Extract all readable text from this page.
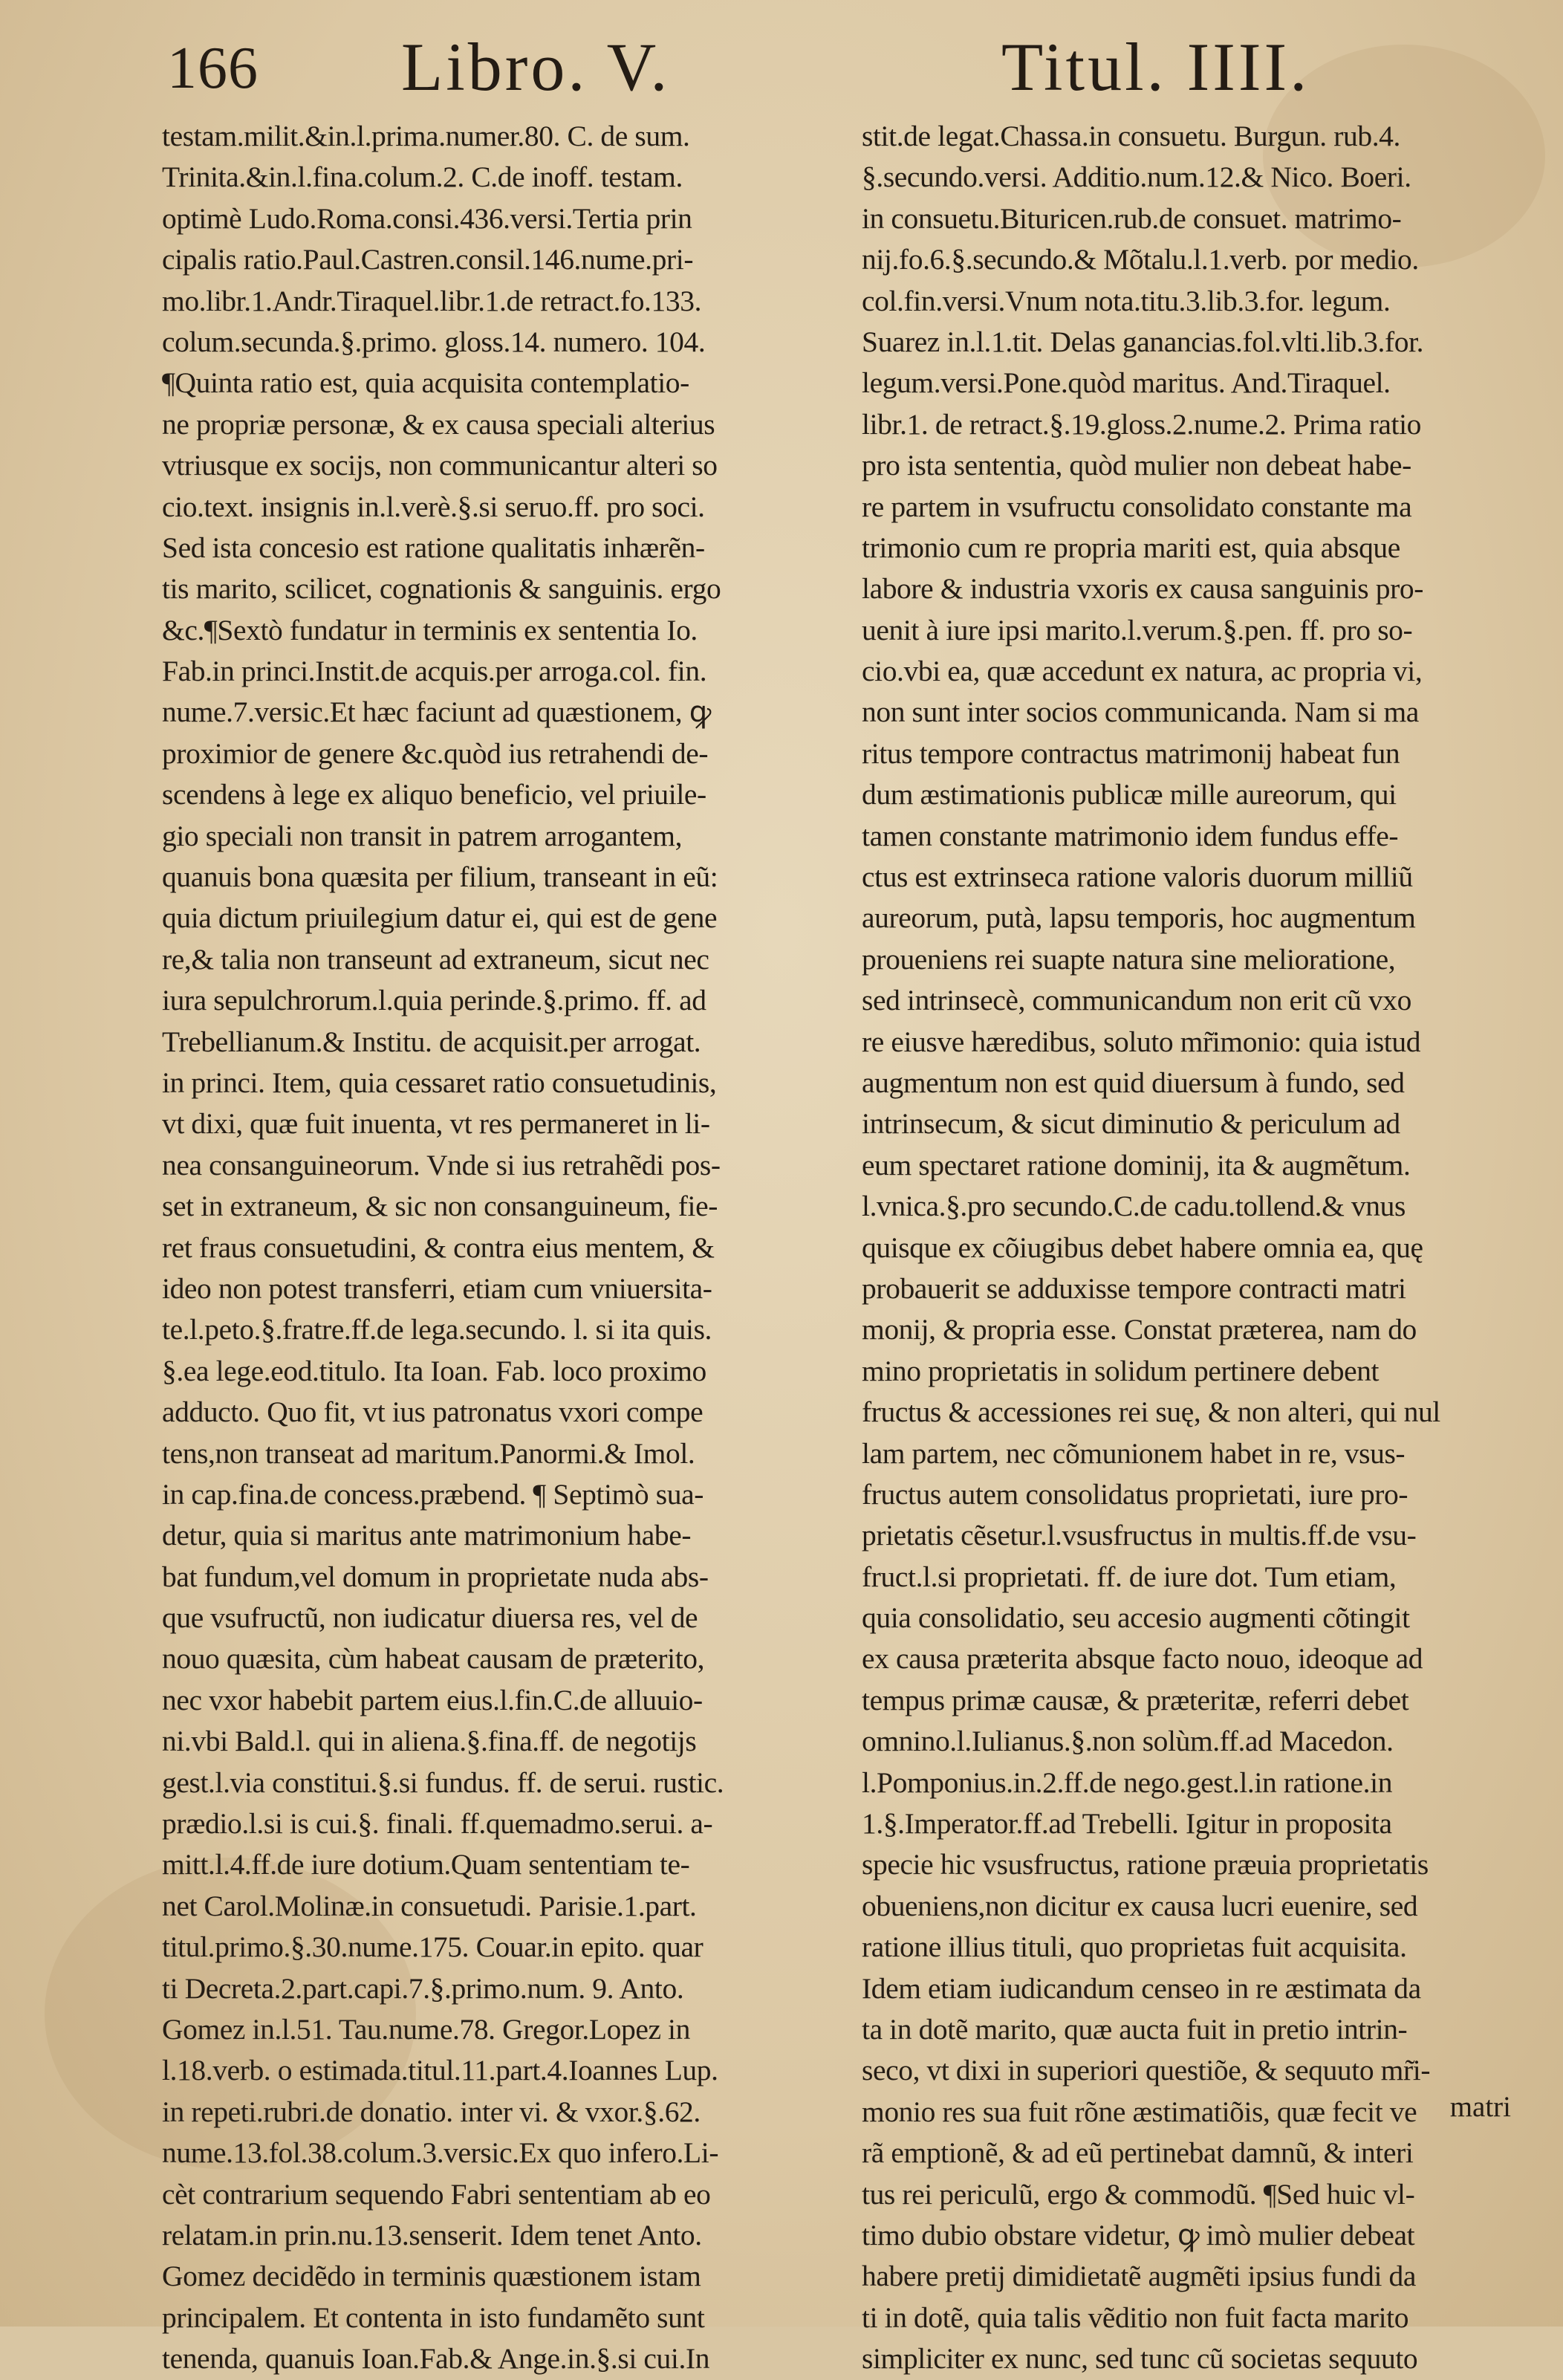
166 Libro. V.	Titul. IIII.
testam.milit.&in.l.prima.numer.80. C. de sum.
Trinita.&in.l.fina.colum.2. C.de inoff. testam.
optimè Ludo.Roma.consi.436.versi.Tertia prin
cipalis ratio.Paul.Castren.consil.146.nume.pri-
mo.libr.1.Andr.Tiraquel.libr.1.de retract.fo.133.
colum.secunda.§.primo. gloss.14. numero. 104.
¶Quinta ratio est, quia acquisita contemplatio-
ne propriæ personæ, & ex causa speciali alterius
vtriusque ex socijs, non communicantur alteri so
cio.text. insignis in.l.verè.§.si seruo.ff. pro soci.
Sed ista concesio est ratione qualitatis inhærẽn-
tis marito, scilicet, cognationis & sanguinis. ergo
&c.¶Sextò fundatur in terminis ex sententia Io.
Fab.in princi.Instit.de acquis.per arroga.col. fin.
nume.7.versic.Et hæc faciunt ad quæstionem, ꝙ
proximior de genere &c.quòd ius retrahendi de-
scendens à lege ex aliquo beneficio, vel priuile-
gio speciali non transit in patrem arrogantem,
quanuis bona quæsita per filium, transeant in eũ:
quia dictum priuilegium datur ei, qui est de gene
re,& talia non transeunt ad extraneum, sicut nec
iura sepulchrorum.l.quia perinde.§.primo. ff. ad
Trebellianum.& Institu. de acquisit.per arrogat.
in princi. Item, quia cessaret ratio consuetudinis,
vt dixi, quæ fuit inuenta, vt res permaneret in li-
nea consanguineorum. Vnde si ius retrahẽdi pos-
set in extraneum, & sic non consanguineum, fie-
ret fraus consuetudini, & contra eius mentem, &
ideo non potest transferri, etiam cum vniuersita-
te.l.peto.§.fratre.ff.de lega.secundo. l. si ita quis.
§.ea lege.eod.titulo. Ita Ioan. Fab. loco proximo
adducto. Quo fit, vt ius patronatus vxori compe
tens,non transeat ad maritum.Panormi.& Imol.
in cap.fina.de concess.præbend. ¶ Septimò sua-
detur, quia si maritus ante matrimonium habe-
bat fundum,vel domum in proprietate nuda abs-
que vsufructũ, non iudicatur diuersa res, vel de
nouo quæsita, cùm habeat causam de præterito,
nec vxor habebit partem eius.l.fin.C.de alluuio-
ni.vbi Bald.l. qui in aliena.§.fina.ff. de negotijs
gest.l.via constitui.§.si fundus. ff. de serui. rustic.
prædio.l.si is cui.§. finali. ff.quemadmo.serui. a-
mitt.l.4.ff.de iure dotium.Quam sententiam te-
net Carol.Molinæ.in consuetudi. Parisie.1.part.
titul.primo.§.30.nume.175. Couar.in epito. quar
ti Decreta.2.part.capi.7.§.primo.num. 9. Anto.
Gomez in.l.51. Tau.nume.78. Gregor.Lopez in
l.18.verb. o estimada.titul.11.part.4.Ioannes Lup.
in repeti.rubri.de donatio. inter vi. & vxor.§.62.
nume.13.fol.38.colum.3.versic.Ex quo infero.Li-
cèt contrarium sequendo Fabri sententiam ab eo
relatam.in prin.nu.13.senserit. Idem tenet Anto.
Gomez decidẽdo in terminis quæstionem istam
principalem. Et contenta in isto fundamẽto sunt
tenenda, quanuis Ioan.Fab.& Ange.in.§.si cui.In
stit.de legat.Chassa.in consuetu. Burgun. rub.4.
§.secundo.versi. Additio.num.12.& Nico. Boeri.
in consuetu.Bituricen.rub.de consuet. matrimo-
nij.fo.6.§.secundo.& Mõtalu.l.1.verb. por medio.
col.fin.versi.Vnum nota.titu.3.lib.3.for. legum.
Suarez in.l.1.tit. Delas ganancias.fol.vlti.lib.3.for.
legum.versi.Pone.quòd maritus. And.Tiraquel.
libr.1. de retract.§.19.gloss.2.nume.2. Prima ratio
pro ista sententia, quòd mulier non debeat habe-
re partem in vsufructu consolidato constante ma
trimonio cum re propria mariti est, quia absque
labore & industria vxoris ex causa sanguinis pro-
uenit à iure ipsi marito.l.verum.§.pen. ff. pro so-
cio.vbi ea, quæ accedunt ex natura, ac propria vi,
non sunt inter socios communicanda. Nam si ma
ritus tempore contractus matrimonij habeat fun
dum æstimationis publicæ mille aureorum, qui
tamen constante matrimonio idem fundus effe-
ctus est extrinseca ratione valoris duorum milliũ
aureorum, putà, lapsu temporis, hoc augmentum
proueniens rei suapte natura sine melioratione,
sed intrinsecè, communicandum non erit cũ vxo
re eiusve hæredibus, soluto mr̃imonio: quia istud
augmentum non est quid diuersum à fundo, sed
intrinsecum, & sicut diminutio & periculum ad
eum spectaret ratione dominij, ita & augmẽtum.
l.vnica.§.pro secundo.C.de cadu.tollend.& vnus
quisque ex cõiugibus debet habere omnia ea, quę
probauerit se adduxisse tempore contracti matri
monij, & propria esse. Constat præterea, nam do
mino proprietatis in solidum pertinere debent
fructus & accessiones rei suę, & non alteri, qui nul
lam partem, nec cõmunionem habet in re, vsus-
fructus autem consolidatus proprietati, iure pro-
prietatis cẽsetur.l.vsusfructus in multis.ff.de vsu-
fruct.l.si proprietati. ff. de iure dot. Tum etiam,
quia consolidatio, seu accesio augmenti cõtingit
ex causa præterita absque facto nouo, ideoque ad
tempus primæ causæ, & præteritæ, referri debet
omnino.l.Iulianus.§.non solùm.ff.ad Macedon.
l.Pomponius.in.2.ff.de nego.gest.l.in ratione.in
1.§.Imperator.ff.ad Trebelli. Igitur in proposita
specie hic vsusfructus, ratione præuia proprietatis
obueniens,non dicitur ex causa lucri euenire, sed
ratione illius tituli, quo proprietas fuit acquisita.
Idem etiam iudicandum censeo in re æstimata da
ta in dotẽ marito, quæ aucta fuit in pretio intrin-
seco, vt dixi in superiori questiõe, & sequuto mr̃i-
monio res sua fuit rõne æstimatiõis, quæ fecit ve
rã emptionẽ, & ad eũ pertinebat damnũ, & interi
tus rei periculũ, ergo & commodũ. ¶Sed huic vl-
timo dubio obstare videtur, ꝙ imò mulier debeat
habere pretij dimidietatẽ augmẽti ipsius fundi da
ti in dotẽ, quia talis vẽditio non fuit facta marito
simpliciter ex nunc, sed tunc cũ societas sequuto
matri
